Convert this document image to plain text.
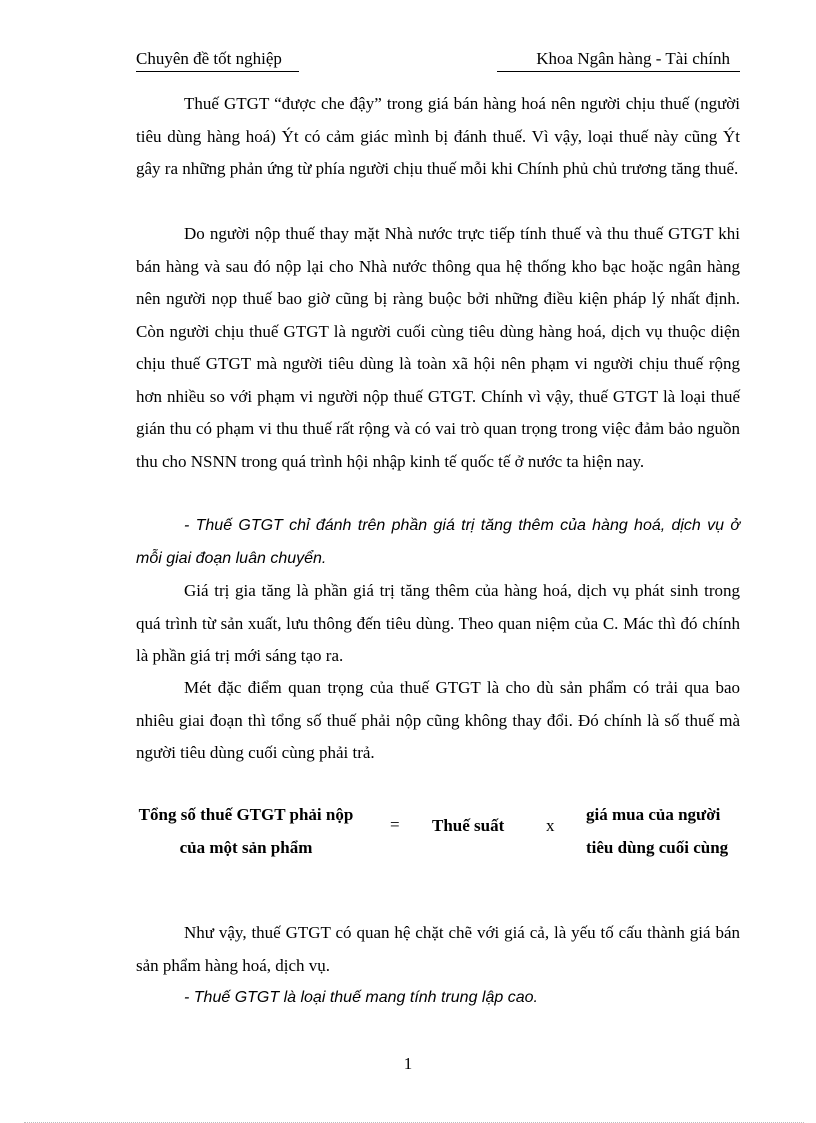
Chuyên đề tốt nghiệp	Khoa Ngân hàng - Tài chính

Thuế GTGT “được che đậy” trong giá bán hàng hoá nên người chịu thuế (người tiêu dùng hàng hoá) Ýt có cảm giác mình bị đánh thuế. Vì vậy, loại thuế này cũng Ýt gây ra những phản ứng từ phía người chịu thuế mỗi khi Chính phủ chủ trương tăng thuế.

Do người nộp thuế thay mặt Nhà nước trực tiếp tính thuế và thu thuế GTGT khi bán hàng và sau đó nộp lại cho Nhà nước thông qua hệ thống kho bạc hoặc ngân hàng nên người nọp thuế bao giờ cũng bị ràng buộc bởi những điều kiện pháp lý nhất định. Còn người chịu thuế GTGT là người cuối cùng tiêu dùng hàng hoá, dịch vụ thuộc diện chịu thuế GTGT mà người tiêu dùng là toàn xã hội nên phạm vi người chịu thuế rộng hơn nhiều so với phạm vi người nộp thuế GTGT. Chính vì vậy, thuế GTGT là loại thuế gián thu có phạm vi thu thuế rất rộng và có vai trò quan trọng trong việc đảm bảo nguồn thu cho NSNN trong quá trình hội nhập kinh tế quốc tế ở nước ta hiện nay.

- Thuế GTGT chỉ đánh trên phần giá trị tăng thêm của hàng hoá, dịch vụ ở mỗi giai đoạn luân chuyển.

Giá trị gia tăng là phần giá trị tăng thêm của hàng hoá, dịch vụ phát sinh trong quá trình từ sản xuất, lưu thông đến tiêu dùng. Theo quan niệm của C. Mác thì đó chính là phần giá trị mới sáng tạo ra.

Mét đặc điểm quan trọng của thuế GTGT là cho dù sản phẩm có trải qua bao nhiêu giai đoạn thì tổng số thuế phải nộp cũng không thay đổi. Đó chính là số thuế mà người tiêu dùng cuối cùng phải trả.

Tổng số thuế GTGT phải nộp
của một sản phẩm
= Thuế suất x
giá mua của người
tiêu dùng cuối cùng

Như vậy, thuế GTGT có quan hệ chặt chẽ với giá cả, là yếu tố cấu thành giá bán sản phẩm hàng hoá, dịch vụ.

- Thuế GTGT là loại thuế mang tính trung lập cao.

1
